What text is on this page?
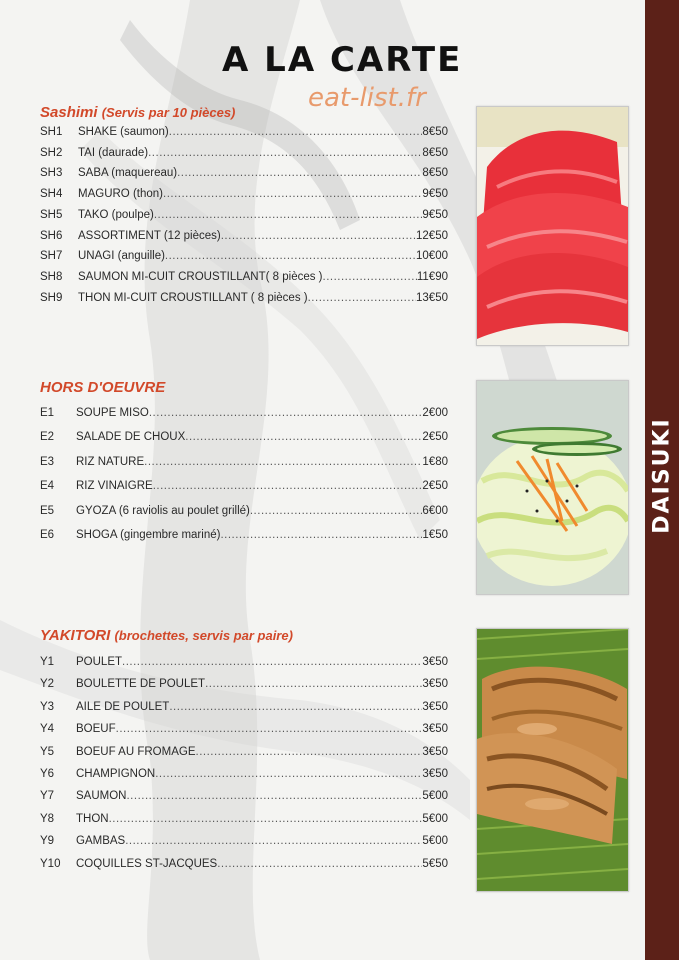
A LA CARTE
eat-list.fr
Sashimi (Servis par 10 pièces)
SH1	SHAKE (saumon) .....	8€50
SH2	TAI (daurade) .....	8€50
SH3	SABA (maquereau) .....	8€50
SH4	MAGURO (thon) .....	9€50
SH5	TAKO (poulpe) .....	9€50
SH6	ASSORTIMENT (12 pièces) .....	12€50
SH7	UNAGI (anguille) .....	10€00
SH8	SAUMON MI-CUIT CROUSTILLANT( 8 pièces ) .....	11€90
SH9	THON MI-CUIT CROUSTILLANT ( 8 pièces ) .....	13€50
HORS D'OEUVRE
E1	SOUPE MISO .....	2€00
E2	SALADE DE CHOUX .....	2€50
E3	RIZ NATURE .....	1€80
E4	RIZ VINAIGRE .....	2€50
E5	GYOZA (6 raviolis au poulet grillé) .....	6€00
E6	SHOGA (gingembre mariné) .....	1€50
YAKITORI (brochettes, servis par paire)
Y1	POULET .....	3€50
Y2	BOULETTE DE POULET .....	3€50
Y3	AILE DE POULET .....	3€50
Y4	BOEUF .....	3€50
Y5	BOEUF AU FROMAGE .....	3€50
Y6	CHAMPIGNON .....	3€50
Y7	SAUMON .....	5€00
Y8	THON .....	5€00
Y9	GAMBAS .....	5€00
Y10	COQUILLES ST-JACQUES .....	5€50
DAISUKI
